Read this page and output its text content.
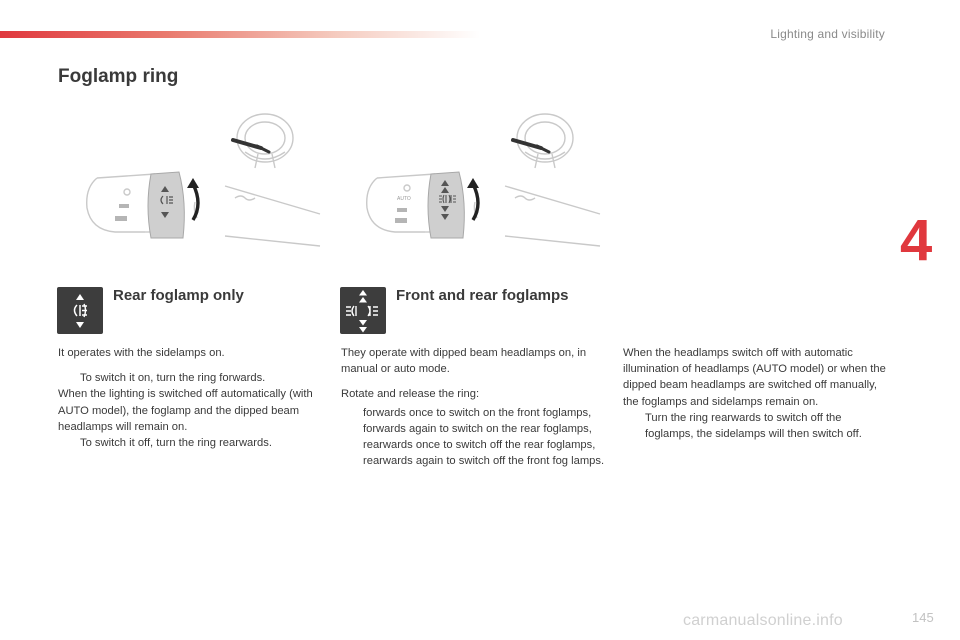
Lighting and visibility
Foglamp ring
4
AUTO
Rear foglamp only	Front and rear foglamps

It operates with the sidelamps on.

To switch it on, turn the ring forwards.

When the lighting is switched off automatically (with AUTO model), the foglamp and the dipped beam headlamps will remain on.

To switch it off, turn the ring rearwards.

They operate with dipped beam headlamps on, in manual or auto mode.

Rotate and release the ring:

forwards once to switch on the front foglamps,
forwards again to switch on the rear foglamps,
rearwards once to switch off the rear foglamps,
rearwards again to switch off the front fog lamps.

When the headlamps switch off with automatic illumination of headlamps (AUTO model) or when the dipped beam headlamps are switched off manually, the foglamps and sidelamps remain on.

Turn the ring rearwards to switch off the foglamps, the sidelamps will then switch off.
carmanualsonline.info	145
